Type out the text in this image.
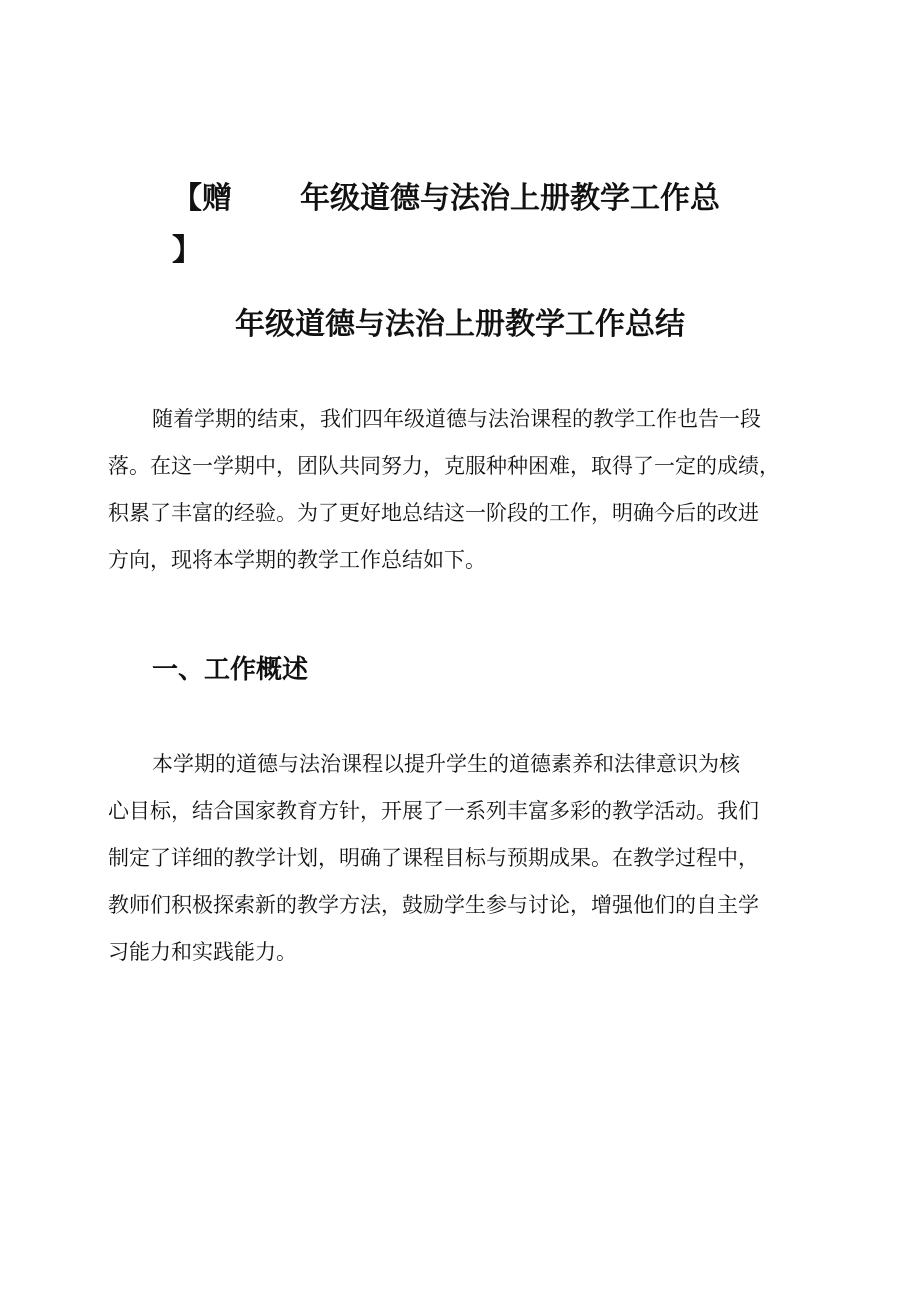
【赠 年级道德与法治上册教学工作总
】
年级道德与法治上册教学工作总结
随着学期的结束，我们四年级道德与法治课程的教学工作也告一段
落。在这一学期中，团队共同努力，克服种种困难，取得了一定的成绩，
积累了丰富的经验。为了更好地总结这一阶段的工作，明确今后的改进
方向，现将本学期的教学工作总结如下。
一、工作概述
本学期的道德与法治课程以提升学生的道德素养和法律意识为核
心目标，结合国家教育方针，开展了一系列丰富多彩的教学活动。我们
制定了详细的教学计划，明确了课程目标与预期成果。在教学过程中，
教师们积极探索新的教学方法，鼓励学生参与讨论，增强他们的自主学
习能力和实践能力。
